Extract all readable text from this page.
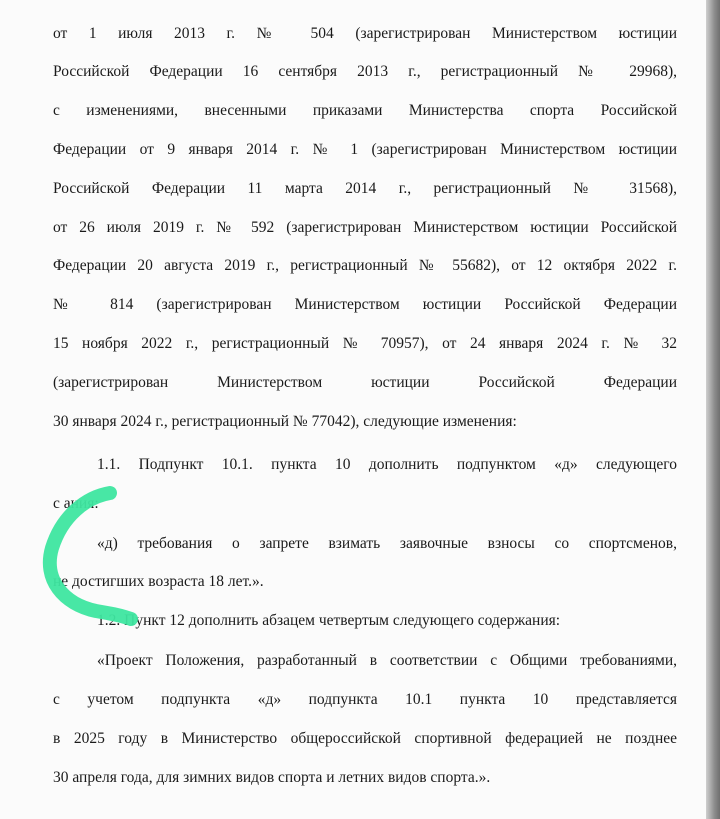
от 1 июля 2013 г. № 504 (зарегистрирован Министерством юстиции
Российской Федерации 16 сентября 2013 г., регистрационный № 29968),
с изменениями, внесенными приказами Министерства спорта Российской
Федерации от 9 января 2014 г. № 1 (зарегистрирован Министерством юстиции
Российской Федерации 11 марта 2014 г., регистрационный № 31568),
от 26 июля 2019 г. № 592 (зарегистрирован Министерством юстиции Российской
Федерации 20 августа 2019 г., регистрационный № 55682), от 12 октября 2022 г.
№ 814 (зарегистрирован Министерством юстиции Российской Федерации
15 ноября 2022 г., регистрационный № 70957), от 24 января 2024 г. № 32
(зарегистрирован Министерством юстиции Российской Федерации
30 января 2024 г., регистрационный № 77042), следующие изменения:
1.1. Подпункт 10.1. пункта 10 дополнить подпунктом «д» следующего
с ания:
«д) требования о запрете взимать заявочные взносы со спортсменов,
не достигших возраста 18 лет.».
1.2. Пункт 12 дополнить абзацем четвертым следующего содержания:
«Проект Положения, разработанный в соответствии с Общими требованиями,
с учетом подпункта «д» подпункта 10.1 пункта 10 представляется
в 2025 году в Министерство общероссийской спортивной федерацией не позднее
30 апреля года, для зимних видов спорта и летних видов спорта.».
